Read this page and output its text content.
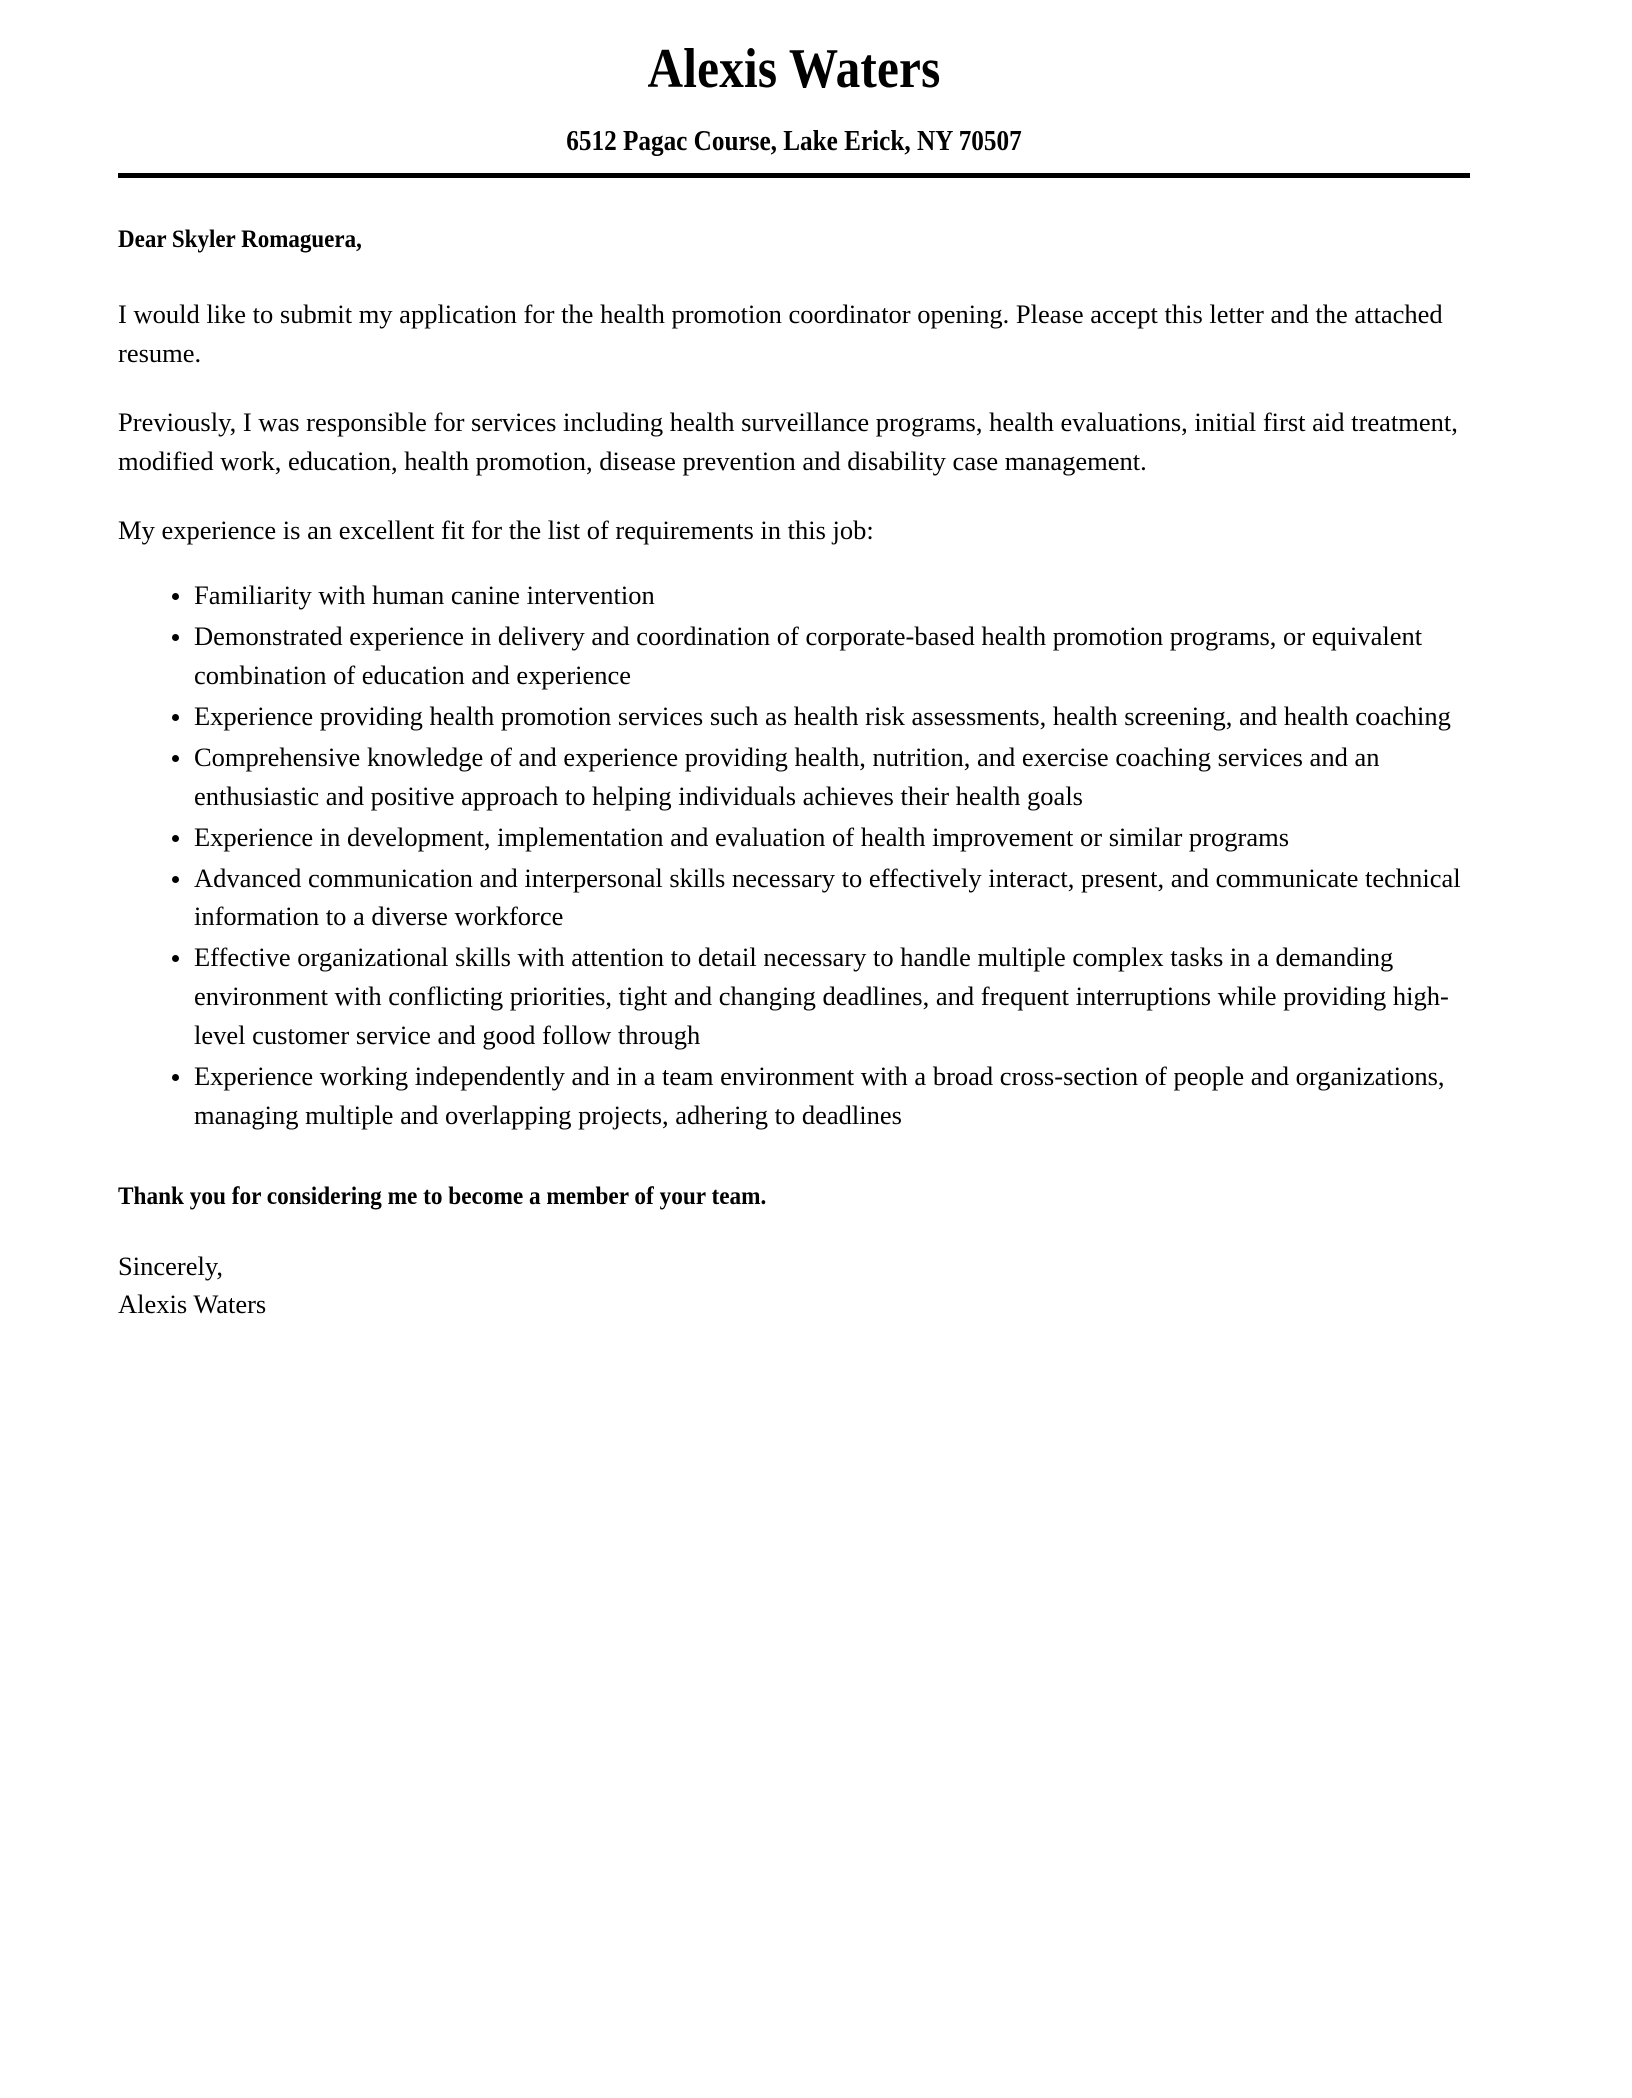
Alexis Waters

6512 Pagac Course, Lake Erick, NY 70507

Dear Skyler Romaguera,

I would like to submit my application for the health promotion coordinator opening. Please accept this letter and the attached resume.

Previously, I was responsible for services including health surveillance programs, health evaluations, initial first aid treatment, modified work, education, health promotion, disease prevention and disability case management.

My experience is an excellent fit for the list of requirements in this job:

Familiarity with human canine intervention
Demonstrated experience in delivery and coordination of corporate-based health promotion programs, or equivalent combination of education and experience
Experience providing health promotion services such as health risk assessments, health screening, and health coaching
Comprehensive knowledge of and experience providing health, nutrition, and exercise coaching services and an enthusiastic and positive approach to helping individuals achieves their health goals
Experience in development, implementation and evaluation of health improvement or similar programs
Advanced communication and interpersonal skills necessary to effectively interact, present, and communicate technical information to a diverse workforce
Effective organizational skills with attention to detail necessary to handle multiple complex tasks in a demanding environment with conflicting priorities, tight and changing deadlines, and frequent interruptions while providing high-level customer service and good follow through
Experience working independently and in a team environment with a broad cross-section of people and organizations, managing multiple and overlapping projects, adhering to deadlines

Thank you for considering me to become a member of your team.

Sincerely,
Alexis Waters
